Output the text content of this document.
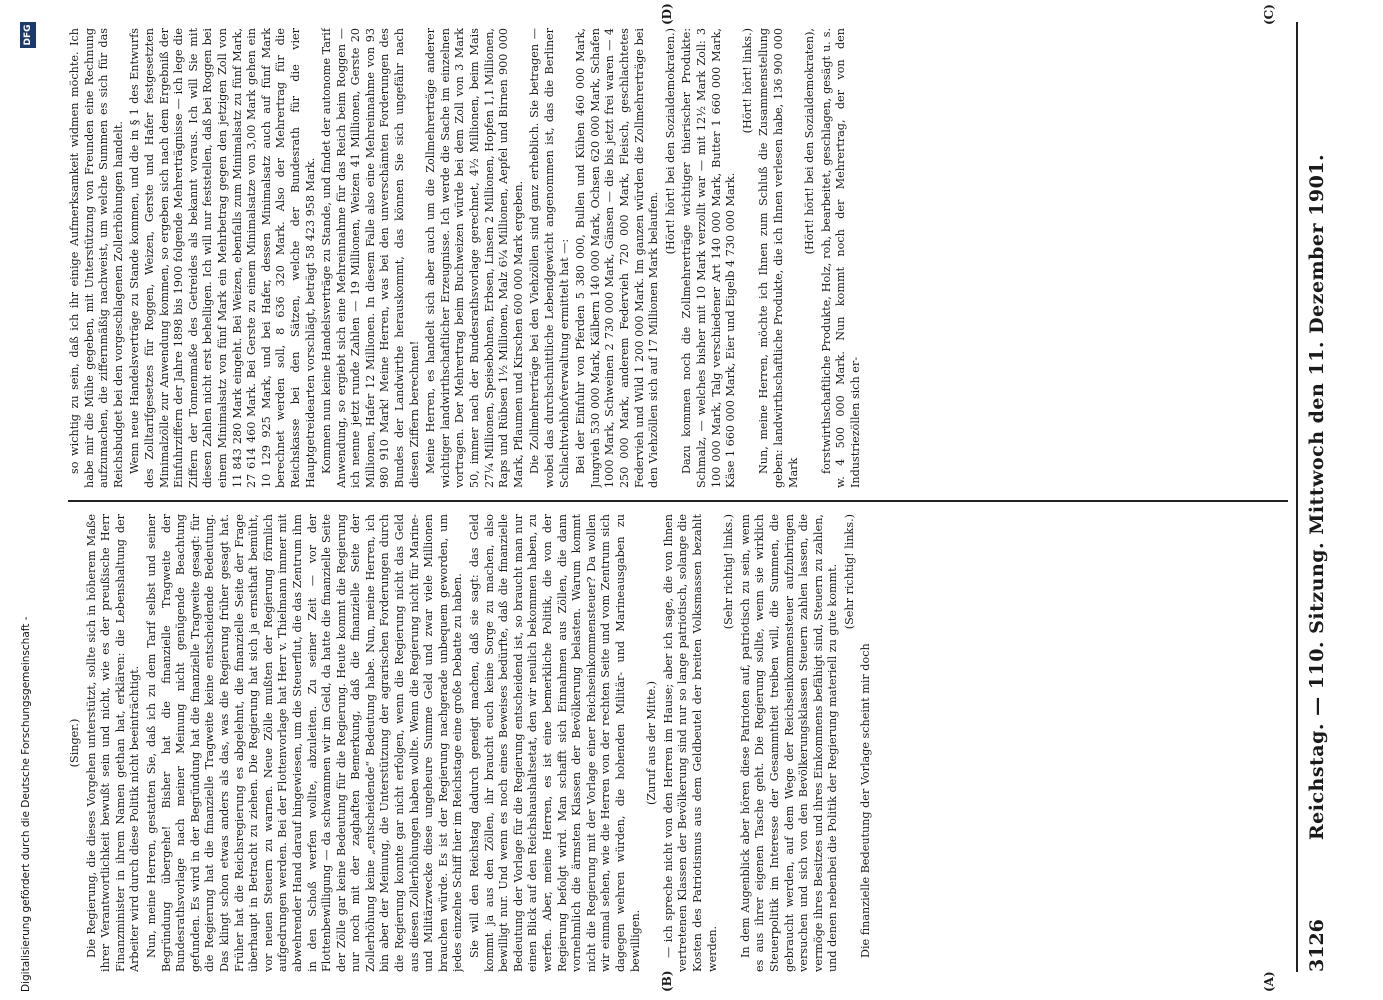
3126
Reichstag. — 110. Sitzung. Mittwoch den 11. Dezember 1901.

(Singer.) Die Regierung, die dieses Vorgehen unterstützt, sollte sich in höherem Maße ihrer Verantwortlichkeit bewußt sein und nicht, wie es der preußische Herr Finanzminister in ihrem Namen gethan hat, erklären: die Lebenshaltung der Arbeiter wird durch diese Politik nicht beeinträchtigt. Nun, meine Herren, gestatten Sie, daß ich zu dem Tarif selbst und seiner Begründung übergehe! Bisher hat die finanzielle Tragweite der Bundesrathsvorlage nach meiner Meinung nicht genügende Beachtung gefunden. Es wird in der Begründung hat die finanzielle Tragweite gesagt: für die Regierung hat die finanzielle Tragweite keine entscheidende Bedeutung. Das klingt schon etwas anders als das, was die Regierung früher gesagt hat. Früher hat die Reichsregierung es abgelehnt, die finanzielle Seite der Frage überhaupt in Betracht zu ziehen. Die Regierung hat sich ja ernsthaft bemüht, vor neuen Steuern zu warnen. Neue Zölle mußten der Regierung förmlich aufgedrungen werden. Bei der Flottenvorlage hat Herr v. Thielmann immer mit abwehrender Hand darauf hingewiesen, um die Steuerflut, die das Zentrum ihm in den Schoß werfen wollte, abzuleiten. Zu seiner Zeit — vor der Flottenbewilligung — da schwammen wir im Geld, da hatte die finanzielle Seite der Zölle gar keine Bedeutung für die Regierung. Heute kommt die Regierung nur noch mit der zaghaften Bemerkung, daß die finanzielle Seite der Zollerhöhung keine „entscheidende“ Bedeutung habe. Nun, meine Herren, ich bin aber der Meinung, die Unterstützung der agrarischen Forderungen durch die Regierung konnte gar nicht erfolgen, wenn die Regierung nicht das Geld aus diesen Zollerhöhungen haben wollte. Wenn die Regierung nicht für Marine- und Militärzwecke diese ungeheure Summe Geld und zwar viele Millionen brauchen würde. Es ist der Regierung nachgerade unbequem geworden, um jedes einzelne Schiff hier im Reichstage eine große Debatte zu haben. Sie will den Reichstag dadurch geneigt machen, daß sie sagt: das Geld kommt ja aus den Zöllen, ihr braucht euch keine Sorge zu machen, also bewilligt nur. Und wenn es noch eines Beweises bedürfte, daß die finanzielle Bedeutung der Vorlage für die Regierung entscheidend ist, so braucht man nur einen Blick auf den Reichshaushaltsetat, den wir neulich bekommen haben, zu werfen. Aber, meine Herren, es ist eine bemerkliche Politik, die von der Regierung befolgt wird. Man schafft sich Einnahmen aus Zöllen, die dann vornehmlich die ärmsten Klassen der Bevölkerung belasten. Warum kommt nicht die Regierung mit der Vorlage einer Reichseinkommensteuer? Da wollen wir einmal sehen, wie die Herren von der rechten Seite und vom Zentrum sich dagegen wehren würden, die hohenden Militär- und Marineausgaben zu bewilligen.

(Zuruf aus der Mitte.) — ich spreche nicht von den Herren im Hause; aber ich sage, die von Ihnen vertretenen Klassen der Bevölkerung sind nur so lange patriotisch, solange die Kosten des Patriotismus aus dem Geldbeutel der breiten Volksmassen bezahlt werden.

(Sehr richtig! links.) In dem Augenblick aber hören diese Patrioten auf, patriotisch zu sein, wenn es aus ihrer eigenen Tasche geht. Die Regierung sollte, wenn sie wirklich Steuerpolitik im Interesse der Gesammtheit treiben will, die Summen, die gebraucht werden, auf dem Wege der Reichseinkommensteuer aufzubringen versuchen und sich von den Bevölkerungsklassen Steuern zahlen lassen, die vermöge ihres Besitzes und ihres Einkommens befähigt sind, Steuern zu zahlen, und denen nebenbei die Politik der Regierung materiell zu gute kommt. (Sehr richtig! links.)

Die finanzielle Bedeutung der Vorlage scheint mir doch

so wichtig zu sein, daß ich ihr einige Aufmerksamkeit widmen möchte. Ich habe mir die Mühe gegeben, mit Unterstützung von Freunden eine Rechnung aufzumachen, die ziffernmäßig nachweist, um welche Summen es sich für das Reichsbudget bei den vorgeschlagenen Zollerhöhungen handelt. Wenn neue Handelsverträge zu Stande kommen, und die in § 1 des Entwurfs des Zolltarifgesetzes für Roggen, Weizen, Gerste und Hafer festgesetzten Minimalzölle zur Anwendung kommen, so ergeben sich nach dem Ergebniß der Einfuhrziffern der Jahre 1898 bis 1900 folgende Mehrerträgnisse — ich lege die Ziffern der Tonnenmaße des Getreides als bekannt voraus. Ich will Sie mit diesen Zahlen nicht erst behelligen. Ich will nur feststellen, daß bei Roggen bei einem Minimalsatz von fünf Mark ein Mehrbetrag gegen den jetzigen Zoll von 11 843 280 Mark eingeht. Bei Weizen, ebenfalls zum Minimalsatz zu fünf Mark, 27 614 460 Mark. Bei Gerste zu einem Minimalsatze von 3,00 Mark gehen ein 10 129 925 Mark, und bei Hafer, dessen Minimalsatz auch auf fünf Mark berechnet werden soll, 8 636 320 Mark. Also der Mehrertrag für die Reichskasse bei den Sätzen, welche der Bundesrath für die vier Hauptgetreidearten vorschlägt, beträgt 58 423 958 Mark. Kommen nun keine Handelsverträge zu Stande, und findet der autonome Tarif Anwendung, so ergiebt sich eine Mehreinnahme für das Reich beim Roggen — ich nenne jetzt runde Zahlen — 19 Millionen, Weizen 41 Millionen, Gerste 20 Millionen, Hafer 12 Millionen. In diesem Falle also eine Mehreinnahme von 93 980 910 Mark! Meine Herren, was bei den unverschämten Forderungen des Bundes der Landwirthe herauskommt, das können Sie sich ungefähr nach diesen Ziffern berechnen! Meine Herren, es handelt sich aber auch um die Zollmehrerträge anderer wichtiger landwirthschaftlicher Erzeugnisse. Ich werde die Sache im einzelnen vortragen. Der Mehrertrag beim Buchweizen würde bei dem Zoll von 3 Mark 50, immer nach der Bundesrathsvorlage gerechnet, 4½ Millionen, beim Mais 27¼ Millionen, Speisebohnen, Erbsen, Linsen 2 Millionen, Hopfen 1,1 Millionen, Raps und Rübsen 1½ Millionen, Malz 6¼ Millionen, Aepfel und Birnen 900 000 Mark, Pflaumen und Kirschen 600 000 Mark ergeben. Die Zollmehrerträge bei den Viehzöllen sind ganz erheblich. Sie betragen — wobei das durchschnittliche Lebendgewicht angenommen ist, das die Berliner Schlachtviehhofverwaltung ermittelt hat —: Bei der Einfuhr von Pferden 5 380 000, Bullen und Kühen 460 000 Mark, Jungvieh 530 000 Mark, Kälbern 140 000 Mark, Ochsen 620 000 Mark, Schafen 1000 Mark, Schweinen 2 730 000 Mark, Gänsen — die bis jetzt frei waren — 4 250 000 Mark, anderem Federvieh 720 000 Mark, Fleisch, geschlachtetes Federvieh und Wild 1 200 000 Mark. Im ganzen würden die Zollmehrerträge bei den Viehzöllen sich auf 17 Millionen Mark belaufen.

(Hört! hört! bei den Sozialdemokraten.) Dazu kommen noch die Zollmehrerträge wichtiger thierischer Produkte: Schmalz, — welches bisher mit 10 Mark verzollt war — mit 12½ Mark Zoll: 3 100 000 Mark, Talg verschiedener Art 140 000 Mark, Butter 1 660 000 Mark, Käse 1 660 000 Mark, Eier und Eigelb 4 730 000 Mark.

(Hört! hört! links.) Nun, meine Herren, möchte ich Ihnen zum Schluß die Zusammenstellung geben: landwirthschaftliche Produkte, die ich Ihnen verlesen habe, 136 900 000 Mark

(Hört! hört! bei den Sozialdemokraten), forstwirthschaftliche Produkte, Holz, roh, bearbeitet, geschlagen, gesägt u. s. w. 4 500 000 Mark. Nun kommt noch der Mehrertrag, der von den Industriezöllen sich er-

(A)
(B)
(C)
(D)
Digitalisierung gefördert durch die Deutsche Forschungsgemeinschaft -
DFG
